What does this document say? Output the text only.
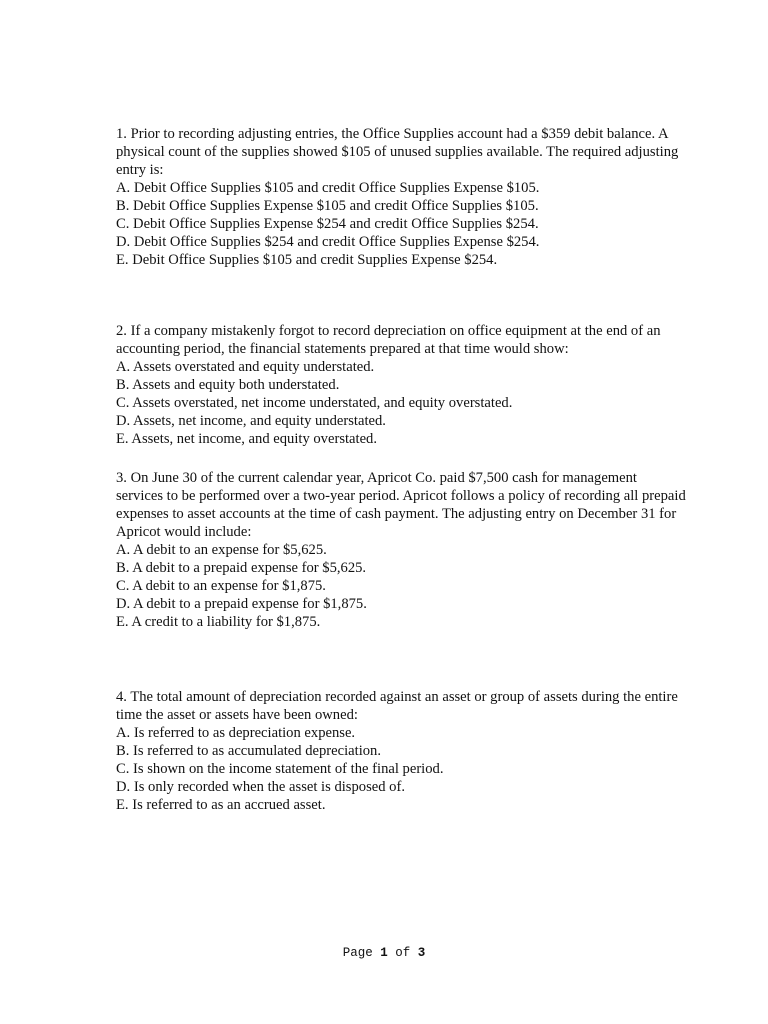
1. Prior to recording adjusting entries, the Office Supplies account had a $359 debit balance. A physical count of the supplies showed $105 of unused supplies available. The required adjusting entry is:

A. Debit Office Supplies $105 and credit Office Supplies Expense $105.

B. Debit Office Supplies Expense $105 and credit Office Supplies $105.

C. Debit Office Supplies Expense $254 and credit Office Supplies $254.

D. Debit Office Supplies $254 and credit Office Supplies Expense $254.

E. Debit Office Supplies $105 and credit Supplies Expense $254.

2. If a company mistakenly forgot to record depreciation on office equipment at the end of an accounting period, the financial statements prepared at that time would show:

A. Assets overstated and equity understated.

B. Assets and equity both understated.

C. Assets overstated, net income understated, and equity overstated.

D. Assets, net income, and equity understated.

E. Assets, net income, and equity overstated.

3. On June 30 of the current calendar year, Apricot Co. paid $7,500 cash for management services to be performed over a two-year period. Apricot follows a policy of recording all prepaid expenses to asset accounts at the time of cash payment. The adjusting entry on December 31 for Apricot would include:

A. A debit to an expense for $5,625.

B. A debit to a prepaid expense for $5,625.

C. A debit to an expense for $1,875.

D. A debit to a prepaid expense for $1,875.

E. A credit to a liability for $1,875.

4. The total amount of depreciation recorded against an asset or group of assets during the entire time the asset or assets have been owned:

A. Is referred to as depreciation expense.

B. Is referred to as accumulated depreciation.

C. Is shown on the income statement of the final period.

D. Is only recorded when the asset is disposed of.

E. Is referred to as an accrued asset.

Page 1 of 3
